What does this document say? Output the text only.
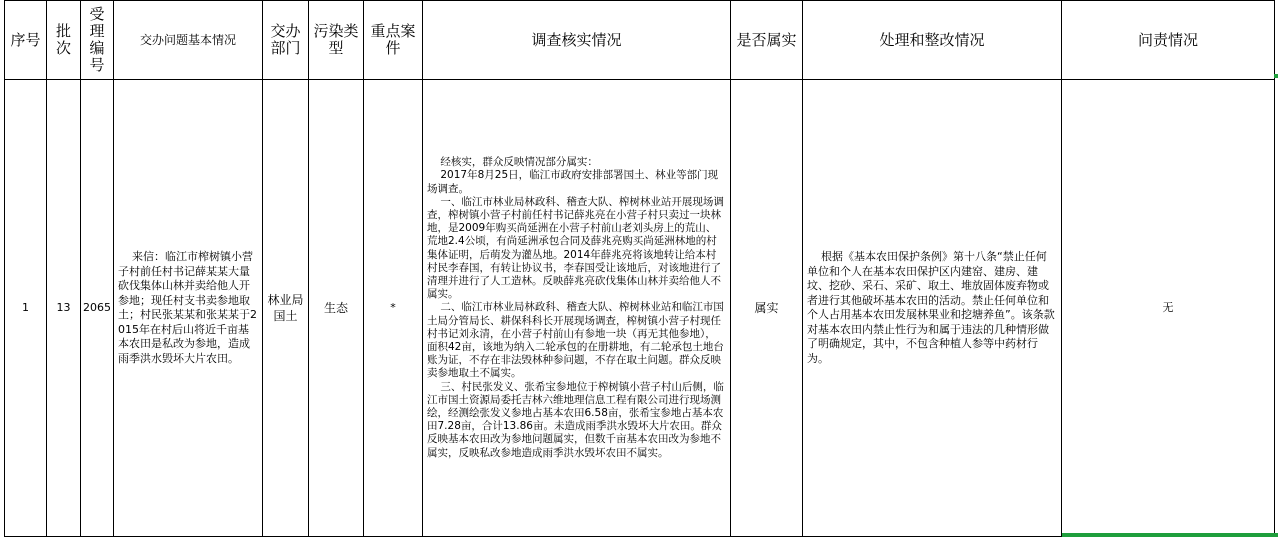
序号	批次	受理编号	交办问题基本情况	交办部门	污染类型	重点案件	调查核实情况	是否属实	处理和整改情况	问责情况
1	13	2065	来信：临江市榨树镇小营子村前任村书记薛某某大量砍伐集体山林并卖给他人开参地；现任村支书卖参地取土；村民张某某和张某某于2015年在村后山将近千亩基本农田是私改为参地，造成雨季洪水毁坏大片农田。	林业局国土	生态	*	经核实，群众反映情况部分属实：
2017年8月25日，临江市政府安排部署国土、林业等部门现场调查。
一、临江市林业局林政科、稽查大队、榨树林业站开展现场调查，榨树镇小营子村前任村书记薛兆亮在小营子村只卖过一块林地，是2009年购买尚延洲在小营子村前山老刘头房上的荒山、荒地2.4公顷，有尚延洲承包合同及薛兆亮购买尚延洲林地的村集体证明，后萌发为灌丛地。2014年薛兆亮将该地转让给本村村民李春国，有转让协议书，李春国受让该地后，对该地进行了清理并进行了人工造林。反映薛兆亮砍伐集体山林并卖给他人不属实。
二、临江市林业局林政科、稽查大队、榨树林业站和临江市国土局分管局长、耕保科科长开展现场调查，榨树镇小营子村现任村书记刘永清，在小营子村前山有参地一块（再无其他参地），面积42亩，该地为纳入二轮承包的在册耕地，有二轮承包土地台账为证，不存在非法毁林种参问题，不存在取土问题。群众反映卖参地取土不属实。
三、村民张发义、张希宝参地位于榨树镇小营子村山后侧，临江市国土资源局委托吉林六维地理信息工程有限公司进行现场测绘，经测绘张发义参地占基本农田6.58亩，张希宝参地占基本农田7.28亩，合计13.86亩。未造成雨季洪水毁坏大片农田。群众反映基本农田改为参地问题属实，但数千亩基本农田改为参地不属实，反映私改参地造成雨季洪水毁坏农田不属实。	属实	根据《基本农田保护条例》第十八条“禁止任何单位和个人在基本农田保护区内建窑、建房、建坟、挖砂、采石、采矿、取土、堆放固体废弃物或者进行其他破坏基本农田的活动。禁止任何单位和个人占用基本农田发展林果业和挖塘养鱼”。该条款对基本农田内禁止性行为和属于违法的几种情形做了明确规定，其中，不包含种植人参等中药材行为。	无
